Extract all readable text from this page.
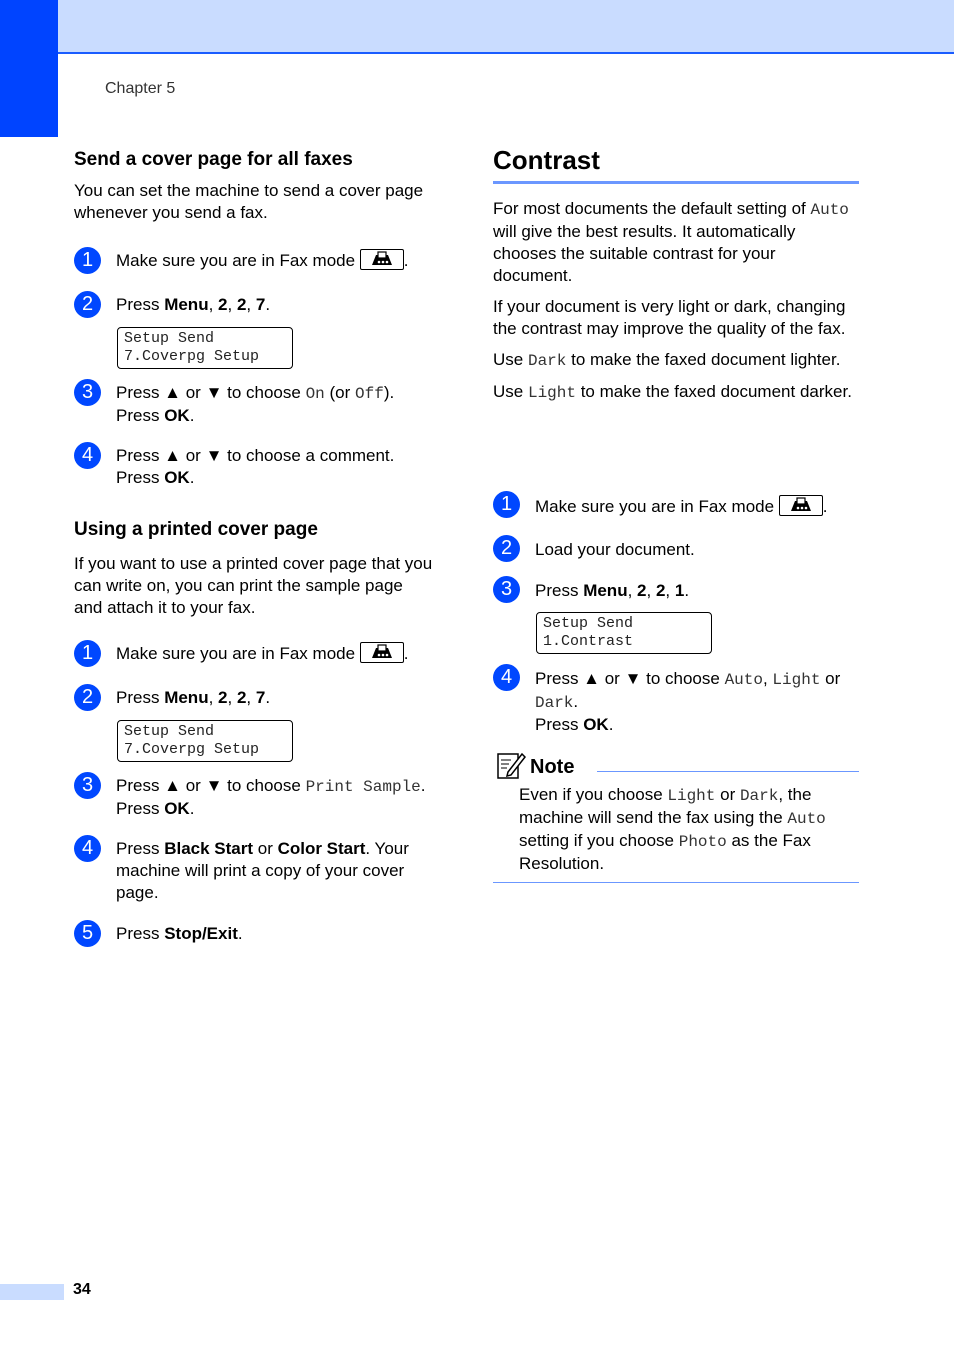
Chapter 5

Send a cover page for all faxes

You can set the machine to send a cover page whenever you send a fax.

1	Make sure you are in Fax mode	.
2	Press Menu, 2, 2, 7.
Setup Send
7.Coverpg Setup
3	Press ▲ or ▼ to choose On (or Off).
Press OK.
4	Press ▲ or ▼ to choose a comment.
Press OK.

Using a printed cover page

If you want to use a printed cover page that you can write on, you can print the sample page and attach it to your fax.

1	Make sure you are in Fax mode	.
2	Press Menu, 2, 2, 7.
Setup Send
7.Coverpg Setup
3	Press ▲ or ▼ to choose Print Sample.
Press OK.
4	Press Black Start or Color Start. Your machine will print a copy of your cover page.
5	Press Stop/Exit.

Contrast

For most documents the default setting of Auto will give the best results. It automatically chooses the suitable contrast for your document.

If your document is very light or dark, changing the contrast may improve the quality of the fax.

Use Dark to make the faxed document lighter.

Use Light to make the faxed document darker.

1	Make sure you are in Fax mode	.
2	Load your document.
3	Press Menu, 2, 2, 1.
Setup Send
1.Contrast
4	Press ▲ or ▼ to choose Auto, Light or
Dark.
Press OK.
Note
Even if you choose Light or Dark, the machine will send the fax using the Auto setting if you choose Photo as the Fax Resolution.
34
